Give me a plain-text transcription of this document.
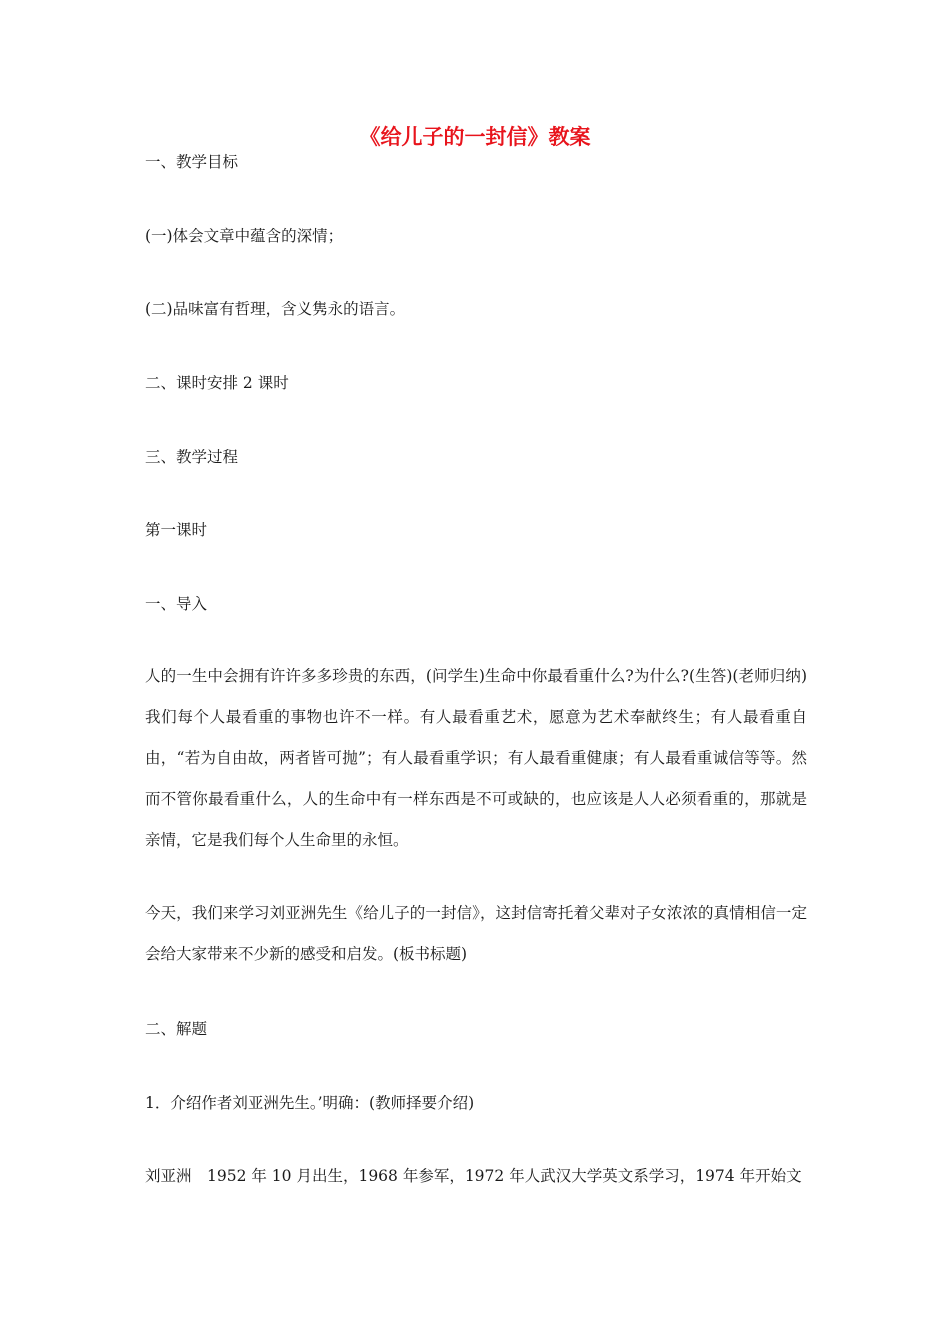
《给儿子的一封信》教案

一、教学目标

(一)体会文章中蕴含的深情；

(二)品味富有哲理，含义隽永的语言。

二、课时安排 2 课时

三、教学过程

第一课时

一、导入

人的一生中会拥有许许多多珍贵的东西，(问学生)生命中你最看重什么?为什么?(生答)(老师归纳)我们每个人最看重的事物也许不一样。有人最看重艺术，愿意为艺术奉献终生；有人最看重自由，“若为自由故，两者皆可抛”；有人最看重学识；有人最看重健康；有人最看重诚信等等。然而不管你最看重什么，人的生命中有一样东西是不可或缺的，也应该是人人必须看重的，那就是亲情，它是我们每个人生命里的永恒。

今天，我们来学习刘亚洲先生《给儿子的一封信》，这封信寄托着父辈对子女浓浓的真情相信一定会给大家带来不少新的感受和启发。(板书标题)

二、解题

1．介绍作者刘亚洲先生。’明确：(教师择要介绍)

刘亚洲　1952 年 10 月出生，1968 年参军，1972 年人武汉大学英文系学习，1974 年开始文
